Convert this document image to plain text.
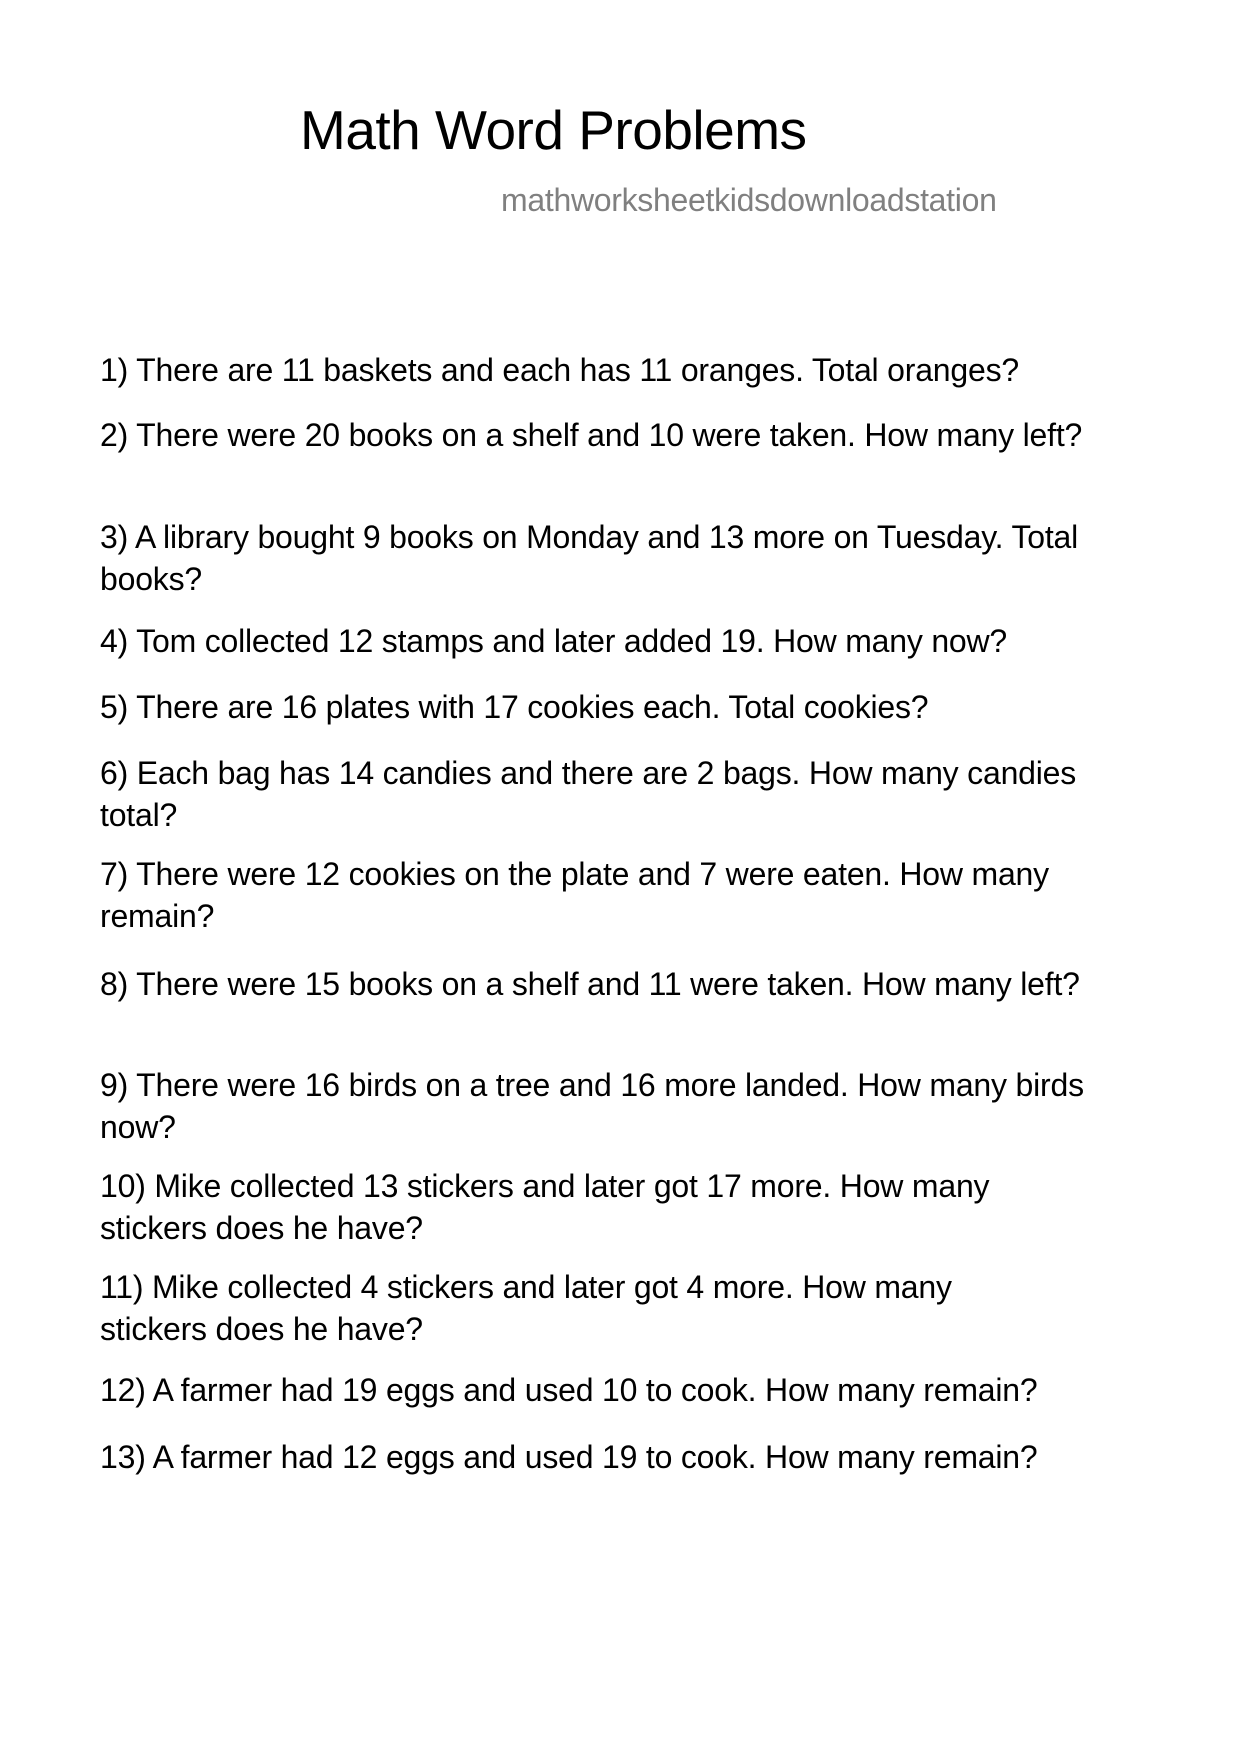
Math Word Problems
mathworksheetkidsdownloadstation
1) There are 11 baskets and each has 11 oranges. Total oranges?
2) There were 20 books on a shelf and 10 were taken. How many left?
3) A library bought 9 books on Monday and 13 more on Tuesday. Total books?
4) Tom collected 12 stamps and later added 19. How many now?
5) There are 16 plates with 17 cookies each. Total cookies?
6) Each bag has 14 candies and there are 2 bags. How many candies total?
7) There were 12 cookies on the plate and 7 were eaten. How many remain?
8) There were 15 books on a shelf and 11 were taken. How many left?
9) There were 16 birds on a tree and 16 more landed. How many birds now?
10) Mike collected 13 stickers and later got 17 more. How many stickers does he have?
11) Mike collected 4 stickers and later got 4 more. How many stickers does he have?
12) A farmer had 19 eggs and used 10 to cook. How many remain?
13) A farmer had 12 eggs and used 19 to cook. How many remain?
